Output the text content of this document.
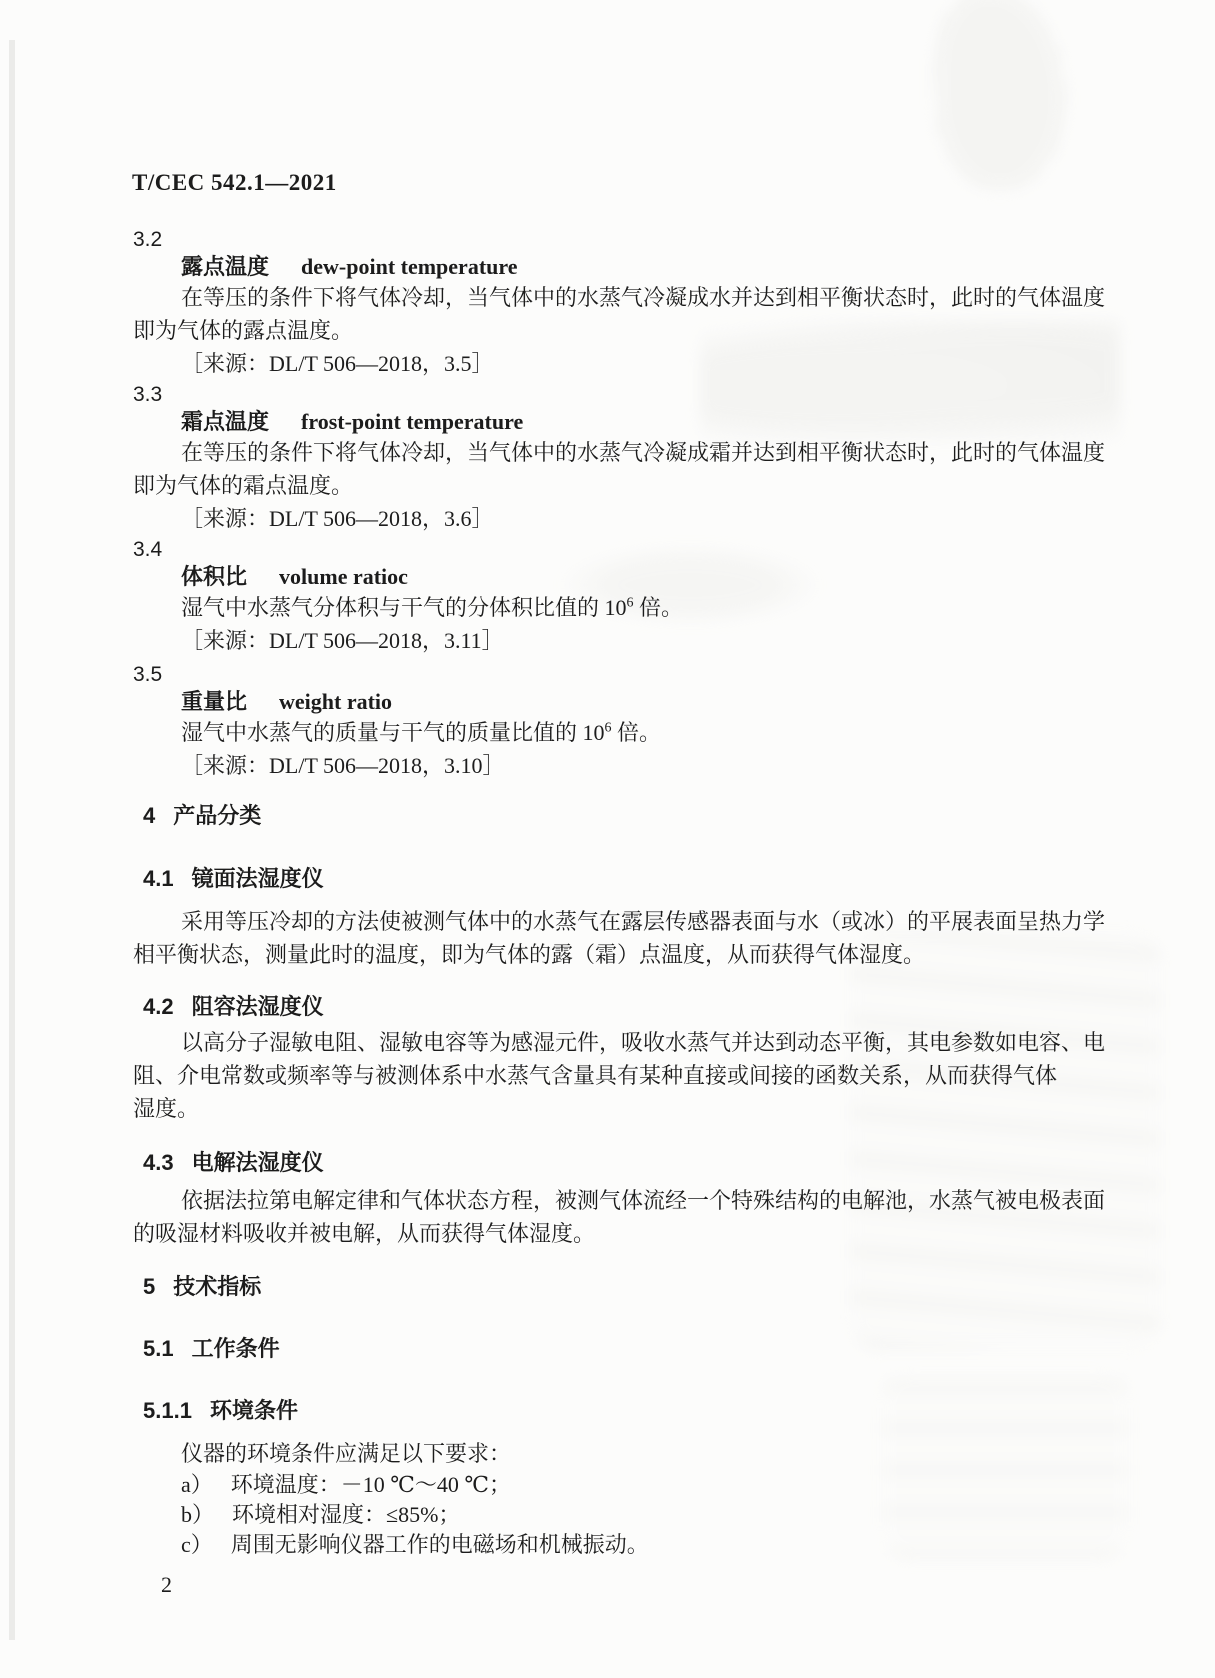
T/CEC 542.1—2021
3.2
露点温度 dew-point temperature
在等压的条件下将气体冷却，当气体中的水蒸气冷凝成水并达到相平衡状态时，此时的气体温度
即为气体的露点温度。
［来源：DL/T 506—2018，3.5］
3.3
霜点温度 frost-point temperature
在等压的条件下将气体冷却，当气体中的水蒸气冷凝成霜并达到相平衡状态时，此时的气体温度
即为气体的霜点温度。
［来源：DL/T 506—2018，3.6］
3.4
体积比 volume ratioc
湿气中水蒸气分体积与干气的分体积比值的 $10^6$ 倍。
［来源：DL/T 506—2018，3.11］
3.5
重量比 weight ratio
湿气中水蒸气的质量与干气的质量比值的 $10^6$ 倍。
［来源：DL/T 506—2018，3.10］
4 产品分类
4.1 镜面法湿度仪
采用等压冷却的方法使被测气体中的水蒸气在露层传感器表面与水（或冰）的平展表面呈热力学
相平衡状态，测量此时的温度，即为气体的露（霜）点温度，从而获得气体湿度。
4.2 阻容法湿度仪
以高分子湿敏电阻、湿敏电容等为感湿元件，吸收水蒸气并达到动态平衡，其电参数如电容、电
阻、介电常数或频率等与被测体系中水蒸气含量具有某种直接或间接的函数关系，从而获得气体
湿度。
4.3 电解法湿度仪
依据法拉第电解定律和气体状态方程，被测气体流经一个特殊结构的电解池，水蒸气被电极表面
的吸湿材料吸收并被电解，从而获得气体湿度。
5 技术指标
5.1 工作条件
5.1.1 环境条件
仪器的环境条件应满足以下要求：
a） 环境温度：－10 ℃～40 ℃；
b） 环境相对湿度：≤85%；
c） 周围无影响仪器工作的电磁场和机械振动。
2
